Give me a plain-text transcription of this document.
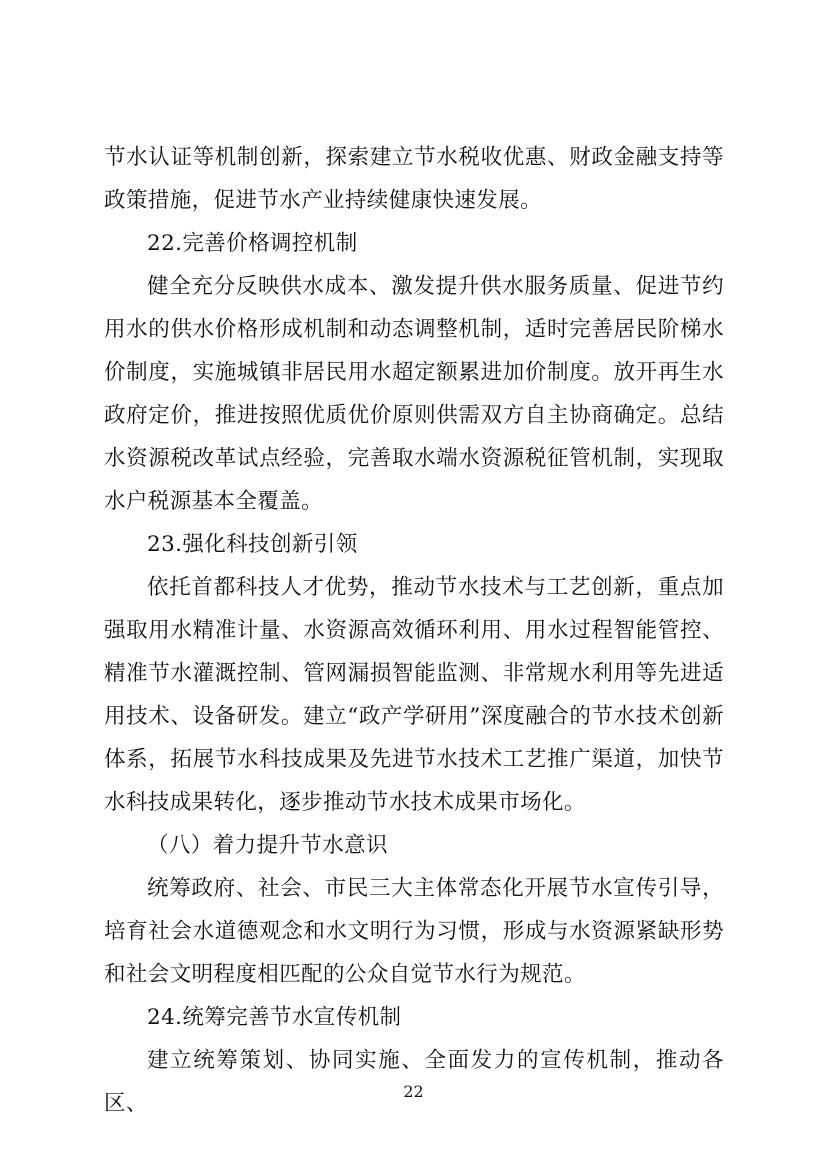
节水认证等机制创新，探索建立节水税收优惠、财政金融支持等政策措施，促进节水产业持续健康快速发展。

22.完善价格调控机制

健全充分反映供水成本、激发提升供水服务质量、促进节约用水的供水价格形成机制和动态调整机制，适时完善居民阶梯水价制度，实施城镇非居民用水超定额累进加价制度。放开再生水政府定价，推进按照优质优价原则供需双方自主协商确定。总结水资源税改革试点经验，完善取水端水资源税征管机制，实现取水户税源基本全覆盖。

23.强化科技创新引领

依托首都科技人才优势，推动节水技术与工艺创新，重点加强取用水精准计量、水资源高效循环利用、用水过程智能管控、精准节水灌溉控制、管网漏损智能监测、非常规水利用等先进适用技术、设备研发。建立“政产学研用”深度融合的节水技术创新体系，拓展节水科技成果及先进节水技术工艺推广渠道，加快节水科技成果转化，逐步推动节水技术成果市场化。

（八）着力提升节水意识

统筹政府、社会、市民三大主体常态化开展节水宣传引导，培育社会水道德观念和水文明行为习惯，形成与水资源紧缺形势和社会文明程度相匹配的公众自觉节水行为规范。

24.统筹完善节水宣传机制

建立统筹策划、协同实施、全面发力的宣传机制，推动各区、	22
